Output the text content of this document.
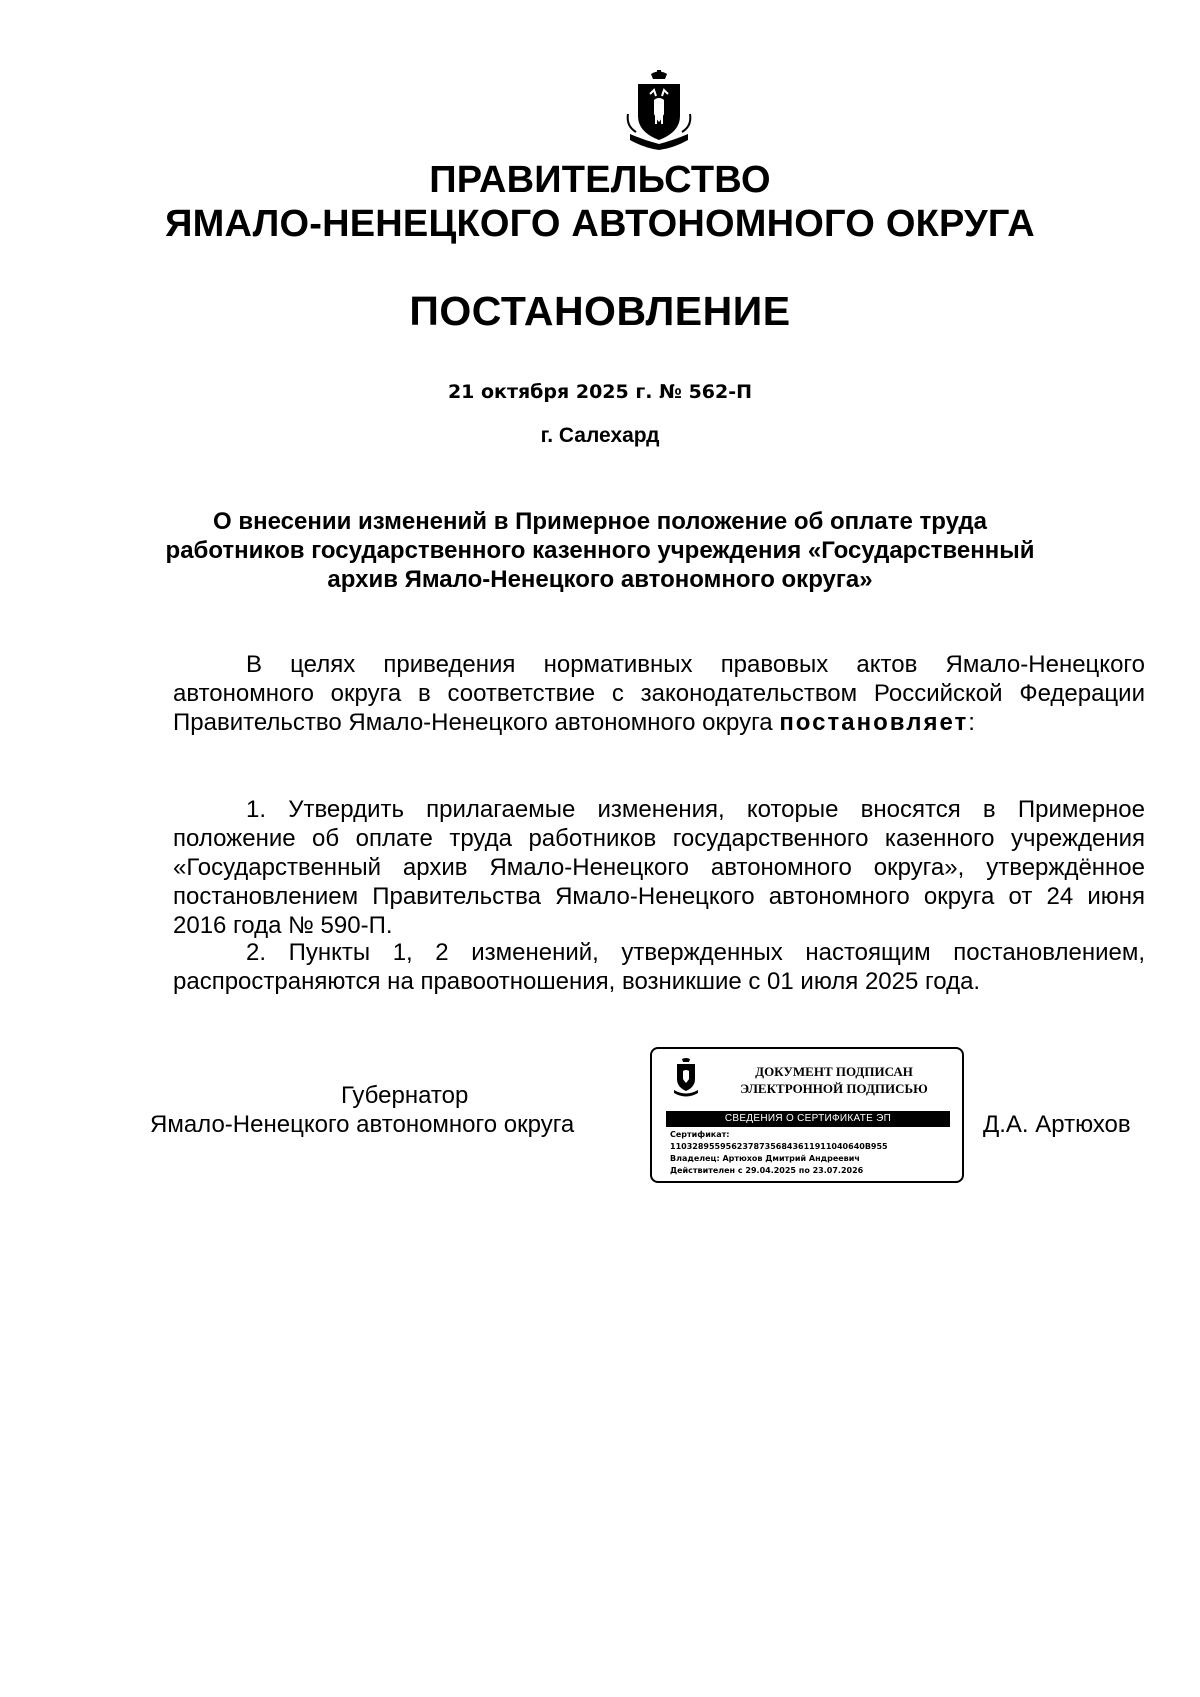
ПРАВИТЕЛЬСТВО
ЯМАЛО-НЕНЕЦКОГО АВТОНОМНОГО ОКРУГА
ПОСТАНОВЛЕНИЕ
21 октября 2025 г. № 562-П
г. Салехард
О внесении изменений в Примерное положение об оплате труда
работников государственного казенного учреждения «Государственный
архив Ямало-Ненецкого автономного округа»

В целях приведения нормативных правовых актов Ямало-Ненецкого автономного округа в соответствие с законодательством Российской Федерации Правительство Ямало-Ненецкого автономного округа постановляет:

1. Утвердить прилагаемые изменения, которые вносятся в Примерное положение об оплате труда работников государственного казенного учреждения «Государственный архив Ямало-Ненецкого автономного округа», утверждённое постановлением Правительства Ямало-Ненецкого автономного округа от 24 июня 2016 года № 590-П.

2. Пункты 1, 2 изменений, утвержденных настоящим постановлением, распространяются на правоотношения, возникшие с 01 июля 2025 года.

Губернатор
Ямало-Ненецкого автономного округа
ДОКУМЕНТ ПОДПИСАН
ЭЛЕКТРОННОЙ ПОДПИСЬЮ
СВЕДЕНИЯ О СЕРТИФИКАТЕ ЭП
Сертификат:
11032895595623787356843611911040640B955
Владелец: Артюхов Дмитрий Андреевич
Действителен с 29.04.2025 по 23.07.2026
Д.А. Артюхов
